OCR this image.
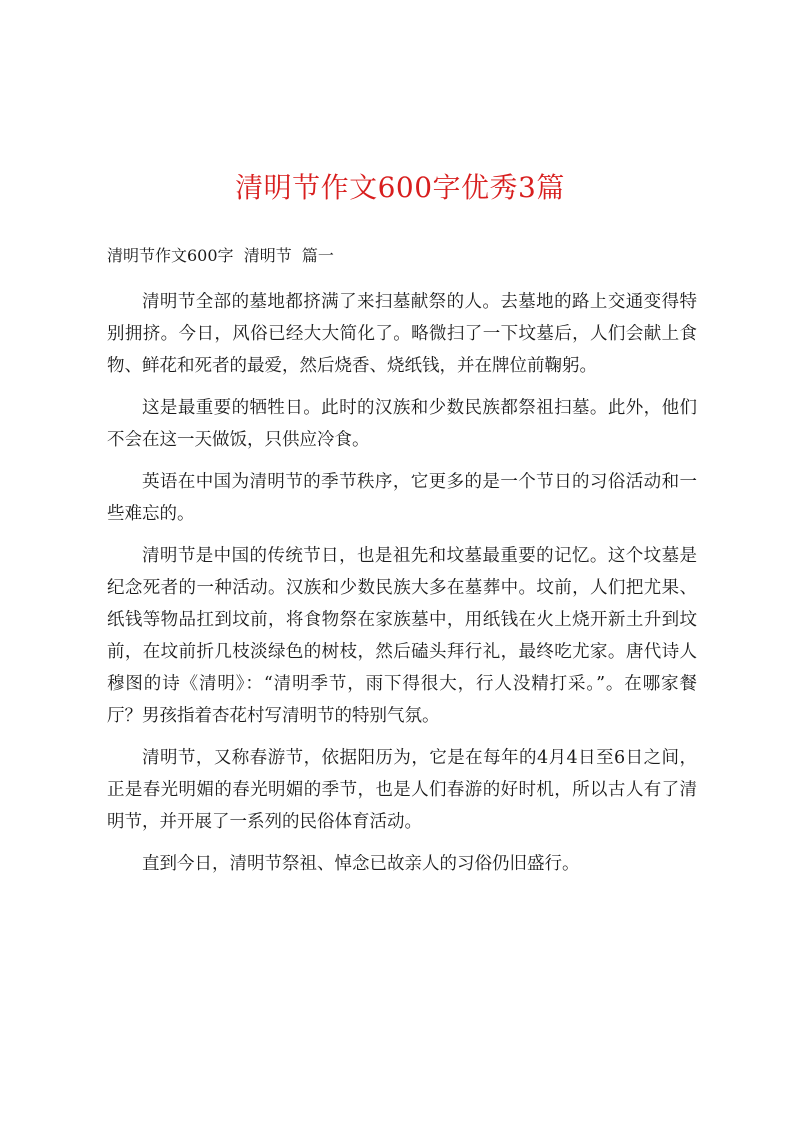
清明节作文600字优秀3篇

清明节作文600字  清明节  篇一

清明节全部的墓地都挤满了来扫墓献祭的人。去墓地的路上交通变得特别拥挤。今日，风俗已经大大简化了。略微扫了一下坟墓后，人们会献上食物、鲜花和死者的最爱，然后烧香、烧纸钱，并在牌位前鞠躬。

这是最重要的牺牲日。此时的汉族和少数民族都祭祖扫墓。此外，他们不会在这一天做饭，只供应冷食。

英语在中国为清明节的季节秩序，它更多的是一个节日的习俗活动和一些难忘的。

清明节是中国的传统节日，也是祖先和坟墓最重要的记忆。这个坟墓是纪念死者的一种活动。汉族和少数民族大多在墓葬中。坟前，人们把尤果、纸钱等物品扛到坟前，将食物祭在家族墓中，用纸钱在火上烧开新土升到坟前，在坟前折几枝淡绿色的树枝，然后磕头拜行礼，最终吃尤家。唐代诗人穆图的诗《清明》：“清明季节，雨下得很大，行人没精打采。”。在哪家餐厅？男孩指着杏花村写清明节的特别气氛。

清明节，又称春游节，依据阳历为，它是在每年的4月4日至6日之间，正是春光明媚的春光明媚的季节，也是人们春游的好时机，所以古人有了清明节，并开展了一系列的民俗体育活动。

直到今日，清明节祭祖、悼念已故亲人的习俗仍旧盛行。
